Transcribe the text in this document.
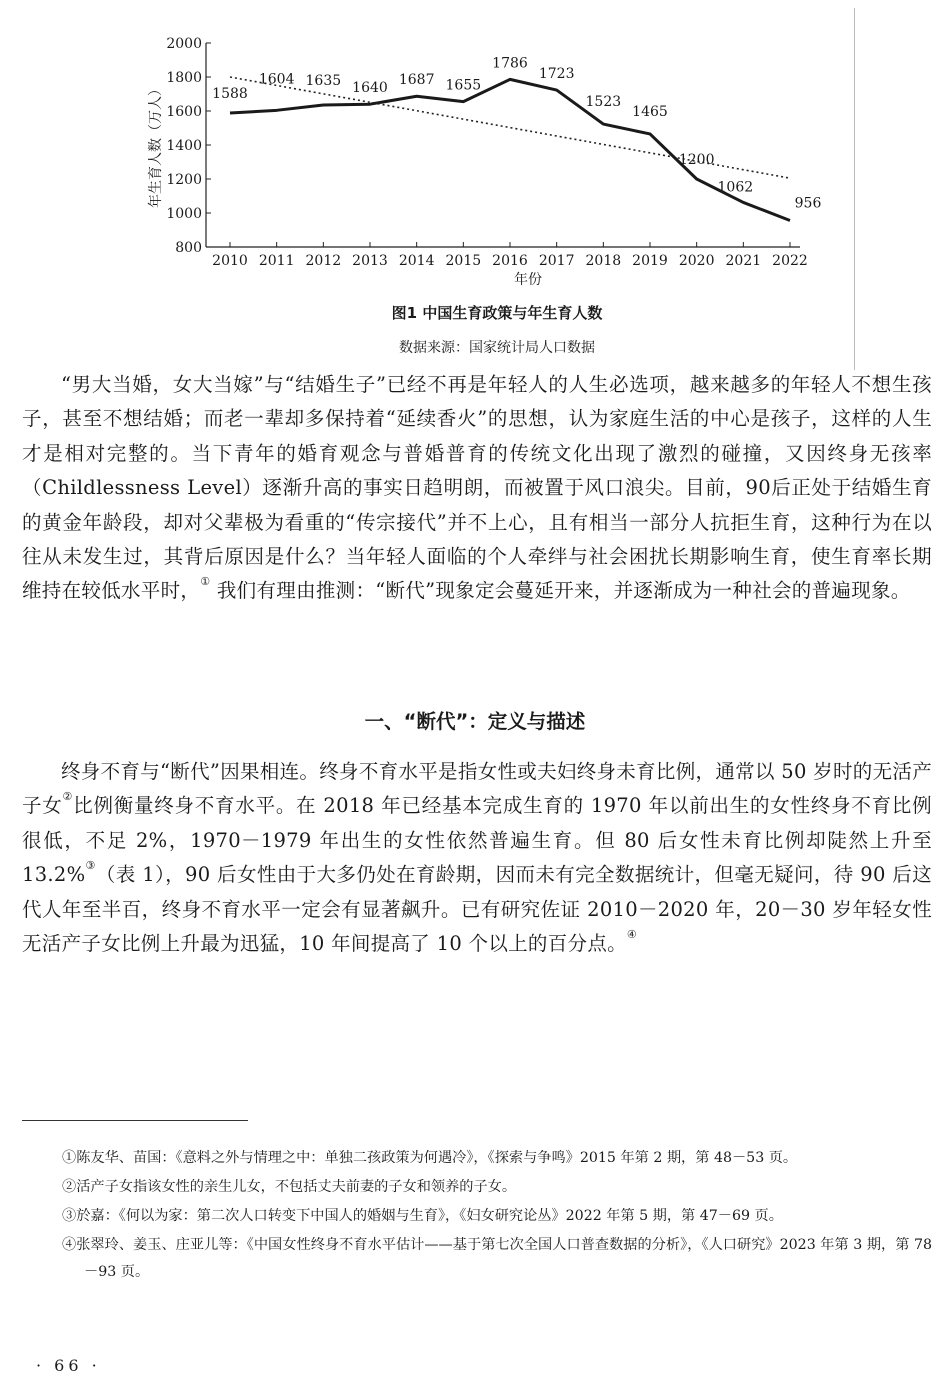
800
1000
1200
1400
1600
1800
2000
2010 2011 2012 2013 2014 2015 2016 2017 2018 2019 2020 2021 2022
年生育人数（万人）
年份
1588
1604 1635 1640 1687 1655
1786
1723
1523
1465
1200
1062
956
图1 中国生育政策与年生育人数
数据来源：国家统计局人口数据

“男大当婚，女大当嫁”与“结婚生子”已经不再是年轻人的人生必选项，越来越多的年轻人不想生孩子，甚至不想结婚；而老一辈却多保持着“延续香火”的思想，认为家庭生活的中心是孩子，这样的人生才是相对完整的。当下青年的婚育观念与普婚普育的传统文化出现了激烈的碰撞，又因终身无孩率（Childlessness Level）逐渐升高的事实日趋明朗，而被置于风口浪尖。目前，90后正处于结婚生育的黄金年龄段，却对父辈极为看重的“传宗接代”并不上心，且有相当一部分人抗拒生育，这种行为在以往从未发生过，其背后原因是什么？当年轻人面临的个人牵绊与社会困扰长期影响生育，使生育率长期维持在较低水平时，① 我们有理由推测：“断代”现象定会蔓延开来，并逐渐成为一种社会的普遍现象。

一、“断代”：定义与描述

终身不育与“断代”因果相连。终身不育水平是指女性或夫妇终身未育比例，通常以 50 岁时的无活产子女②比例衡量终身不育水平。在 2018 年已经基本完成生育的 1970 年以前出生的女性终身不育比例很低，不足 2%，1970－1979 年出生的女性依然普遍生育。但 80 后女性未育比例却陡然上升至 13.2%③（表 1），90 后女性由于大多仍处在育龄期，因而未有完全数据统计，但毫无疑问，待 90 后这代人年至半百，终身不育水平一定会有显著飙升。已有研究佐证 2010－2020 年，20－30 岁年轻女性无活产子女比例上升最为迅猛，10 年间提高了 10 个以上的百分点。④

①陈友华、苗国：《意料之外与情理之中：单独二孩政策为何遇冷》，《探索与争鸣》2015 年第 2 期，第 48－53 页。
②活产子女指该女性的亲生儿女，不包括丈夫前妻的子女和领养的子女。
③於嘉：《何以为家：第二次人口转变下中国人的婚姻与生育》，《妇女研究论丛》2022 年第 5 期，第 47－69 页。
④张翠玲、姜玉、庄亚儿等：《中国女性终身不育水平估计——基于第七次全国人口普查数据的分析》，《人口研究》2023 年第 3 期，第 78－93 页。
· 66 ·
